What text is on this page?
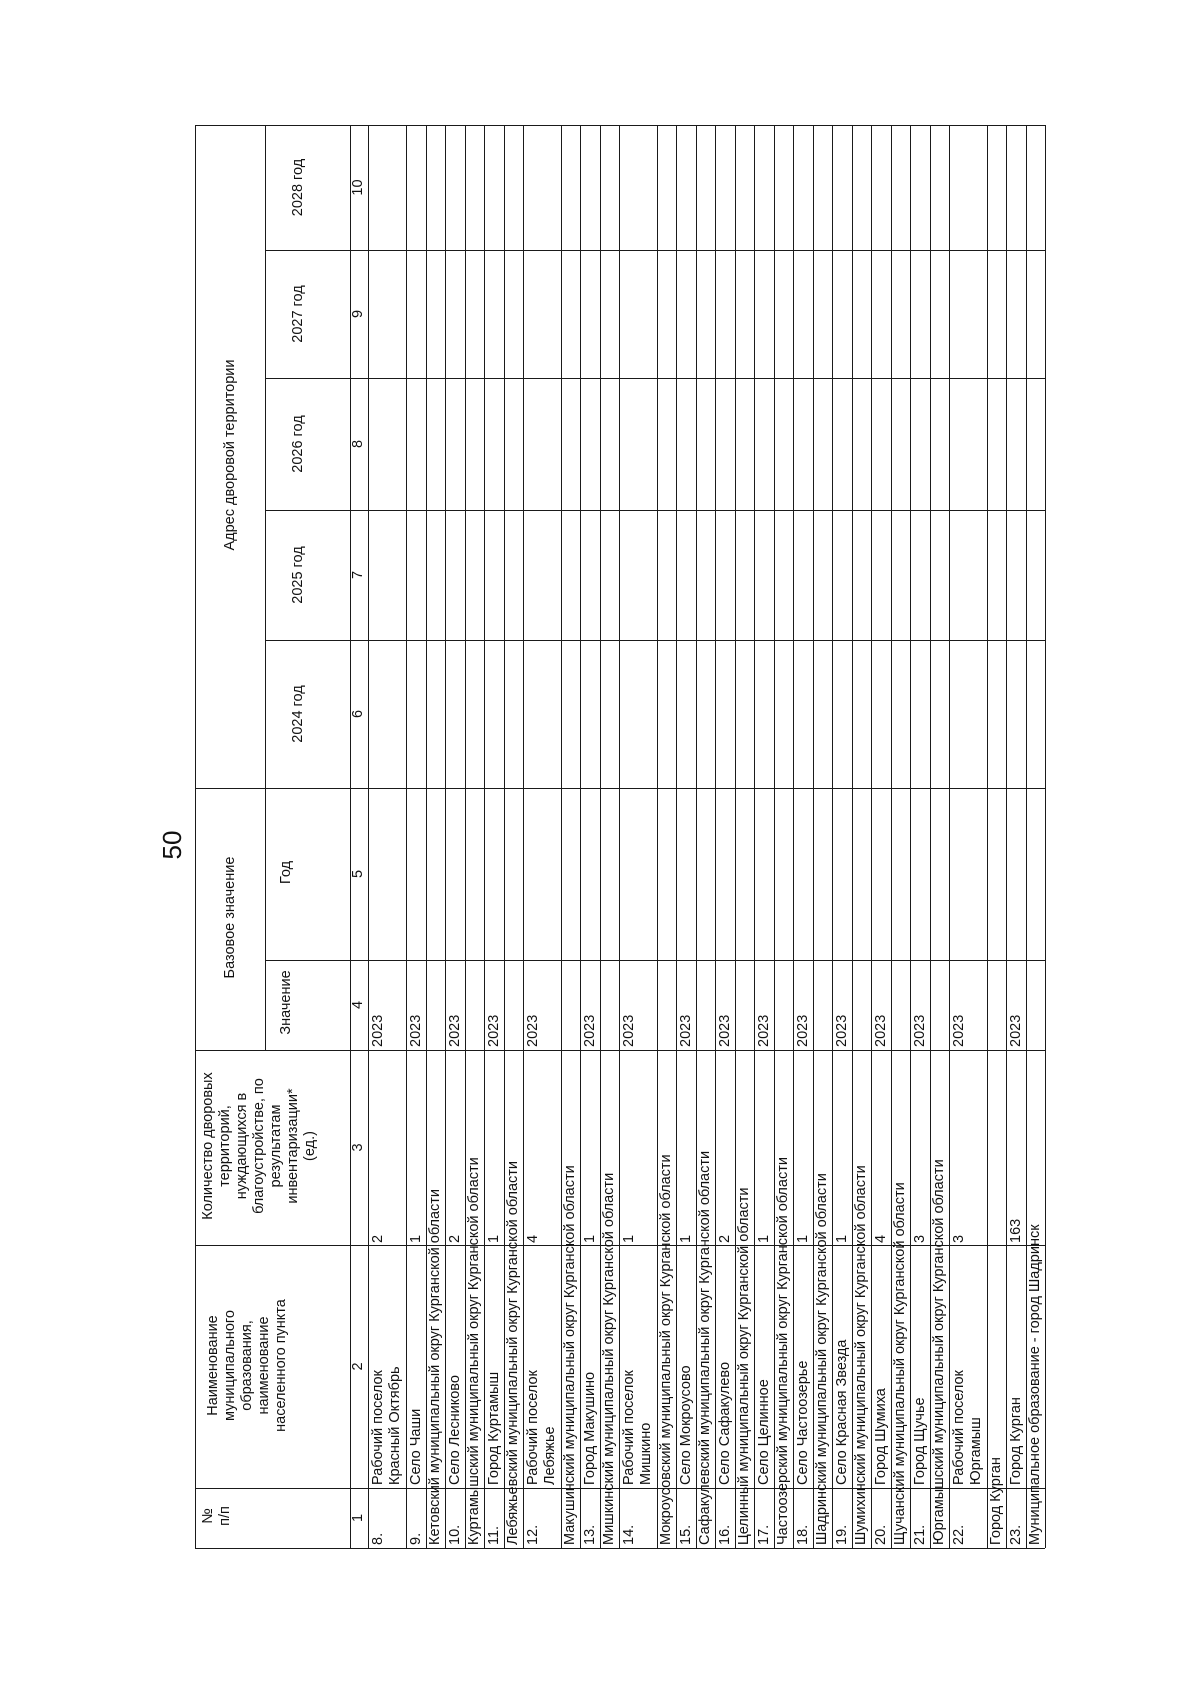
50
№
п/п
Наименование
муниципального
образования,
наименование
населенного пункта
Количество дворовых
территорий,
нуждающихся в
благоустройстве, по
результатам
инвентаризации*
(ед.)
Базовое значение
Значение
Год
Адрес дворовой территории
2024 год
2025 год
2026 год
2027 год
2028 год
1
2
3
4
5
6
7
8
9
10
8.
Рабочий поселок
Красный Октябрь
2
2023
9.
Село Чаши
1
2023
Кетовский муниципальный округ Курганской области 10.
Село Лесниково
2
2023
Куртамышский муниципальный округ Курганской области 11.
Город Куртамыш
1
2023
Лебяжьевский муниципальный округ Курганской области 12.
Рабочий поселок
Лебяжье
4
2023
Макушинский муниципальный округ Курганской области 13.
Город Макушино
1
2023
Мишкинский муниципальный округ Курганской области 14.
Рабочий поселок
Мишкино
1
2023
Мокроусовский муниципальный округ Курганской области 15.
Село Мокроусово
1
2023
Сафакулевский муниципальный округ Курганской области 16.
Село Сафакулево
2
2023
Целинный муниципальный округ Курганской области 17.
Село Целинное
1
2023
Частоозерский муниципальный округ Курганской области 18.
Село Частоозерье
1
2023
Шадринский муниципальный округ Курганской области 19.
Село Красная Звезда
1
2023
Шумихинский муниципальный округ Курганской области 20.
Город Шумиха
4
2023
Щучанский муниципальный округ Курганской области 21.
Город Щучье
3
2023
Юргамышский муниципальный округ Курганской области 22.
Рабочий поселок
Юргамыш
3
2023
Город Курган 23.
Город Курган
163
2023
Муниципальное образование - город Шадринск
